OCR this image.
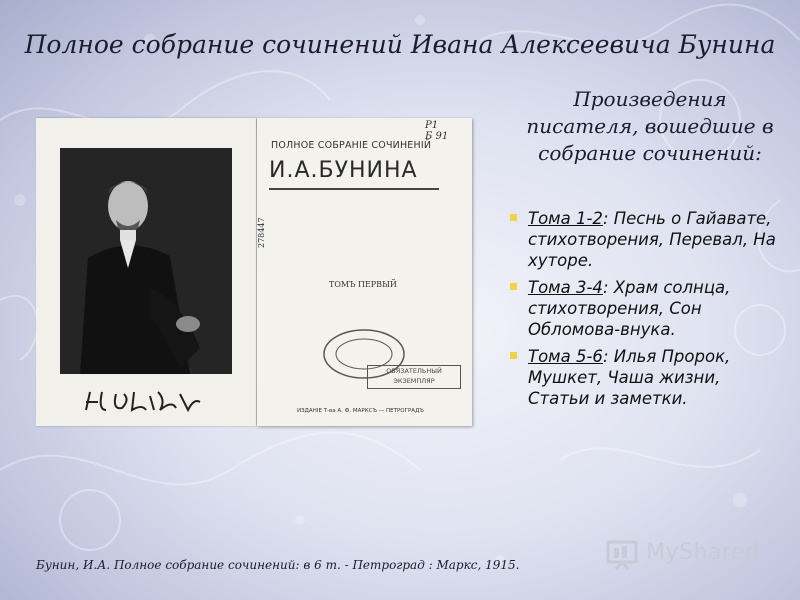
Полное собрание сочинений Ивана Алексеевича Бунина
Произведения
писателя, вошедшие в
собрание сочинений:
Р1
Б 91
ПОЛНОЕ СОБРАНIЕ СОЧИНЕНIЙ
И.А.БУНИНА
278447
ТОМЪ ПЕРВЫЙ
ОБЯЗАТЕЛЬНЫЙ
ЭКЗЕМПЛЯР
ИЗДАНIЕ Т-ва А. Ф. МАРКСЪ — ПЕТРОГРАДЪ
Тома 1-2: Песнь о Гайавате, стихотворения, Перевал, На хуторе.
Тома 3-4: Храм солнца, стихотворения, Сон Обломова-внука.
Тома 5-6: Илья Пророк, Мушкет, Чаша жизни, Статьи и заметки.
Бунин, И.А. Полное собрание сочинений: в 6 т. - Петроград : Маркс, 1915.	MyShared
